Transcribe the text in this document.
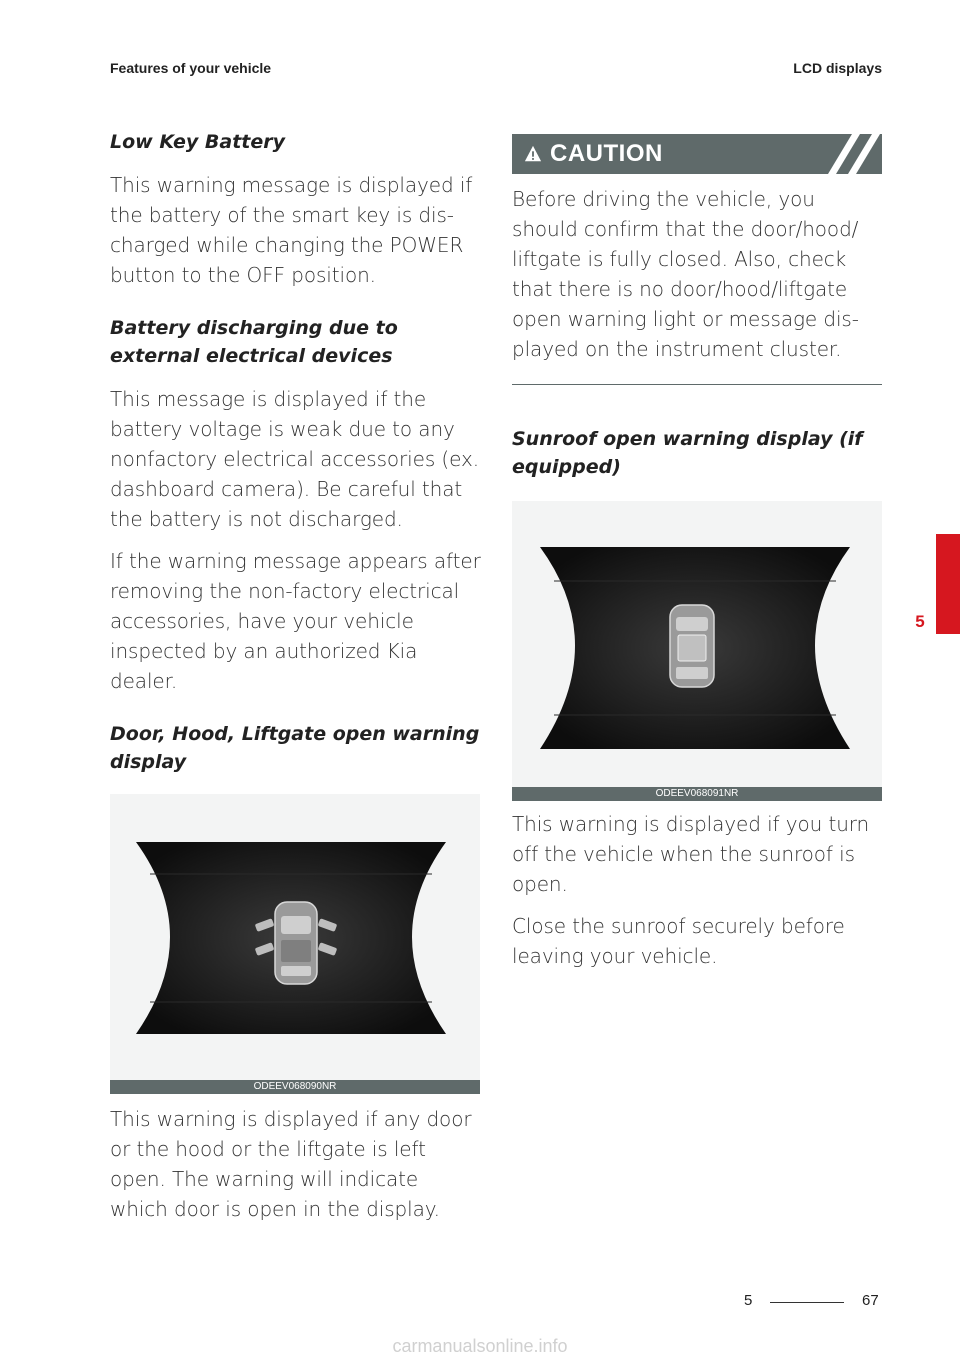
Features of your vehicle	LCD displays
Low Key Battery

This warning message is displayed if the battery of the smart key is dis-charged while changing the POWER button to the OFF position.

Battery discharging due to external electrical devices

This message is displayed if the battery voltage is weak due to any nonfactory electrical accessories (ex. dashboard camera). Be careful that the battery is not discharged.

If the warning message appears after removing the non-factory electrical accessories, have your vehicle inspected by an authorized Kia dealer.

Door, Hood, Liftgate open warning display
ODEEV068090NR

This warning is displayed if any door or the hood or the liftgate is left open. The warning will indicate which door is open in the display.

CAUTION

Before driving the vehicle, you should confirm that the door/hood/ liftgate is fully closed. Also, check that there is no door/hood/liftgate open warning light or message dis-played on the instrument cluster.

Sunroof open warning display (if equipped)
ODEEV068091NR

This warning is displayed if you turn off the vehicle when the sunroof is open.

Close the sunroof securely before leaving your vehicle.

5
5	67
carmanualsonline.info
